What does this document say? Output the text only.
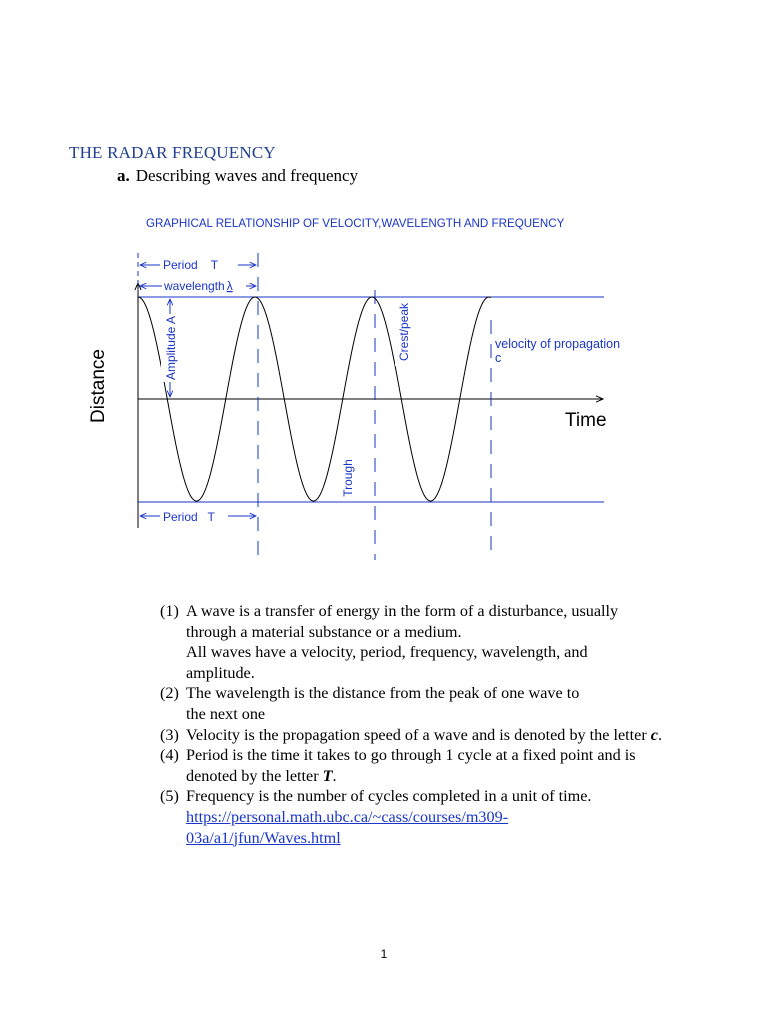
THE RADAR FREQUENCY
a. Describing waves and frequency
GRAPHICAL RELATIONSHIP OF VELOCITY,WAVELENGTH AND FREQUENCY
Distance	Time
Period    T
wavelength λ
Amplitude A	Crest/peak
Trough
velocity of propagation
c
Period   T
(1) A wave is a transfer of energy in the form of a disturbance, usually
through a material substance or a medium.
All waves have a velocity, period, frequency, wavelength, and
amplitude.
(2) The wavelength is the distance from the peak of one wave to
the next one
(3) Velocity is the propagation speed of a wave and is denoted by the letter c.
(4) Period is the time it takes to go through 1 cycle at a fixed point and is denoted by the letter T.
(5) Frequency is the number of cycles completed in a unit of time.
https://personal.math.ubc.ca/~cass/courses/m309-
03a/a1/jfun/Waves.html
1
